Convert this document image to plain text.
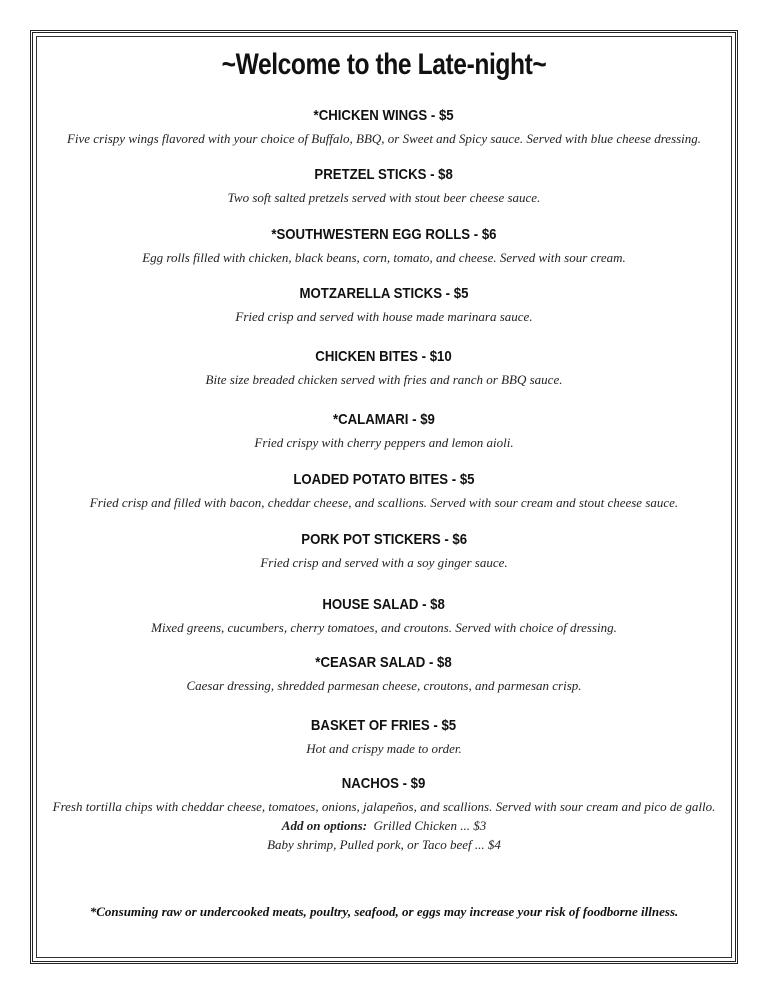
~Welcome to the Late-night~
*CHICKEN WINGS - $5
Five crispy wings flavored with your choice of Buffalo, BBQ, or Sweet and Spicy sauce. Served with blue cheese dressing.
PRETZEL STICKS - $8
Two soft salted pretzels served with stout beer cheese sauce.
*SOUTHWESTERN EGG ROLLS - $6
Egg rolls filled with chicken, black beans, corn, tomato, and cheese. Served with sour cream.
MOTZARELLA STICKS - $5
Fried crisp and served with house made marinara sauce.
CHICKEN BITES - $10
Bite size breaded chicken served with fries and ranch or BBQ sauce.
*CALAMARI - $9
Fried crispy with cherry peppers and lemon aioli.
LOADED POTATO BITES - $5
Fried crisp and filled with bacon, cheddar cheese, and scallions. Served with sour cream and stout cheese sauce.
PORK POT STICKERS - $6
Fried crisp and served with a soy ginger sauce.
HOUSE SALAD - $8
Mixed greens, cucumbers, cherry tomatoes, and croutons. Served with choice of dressing.
*CEASAR SALAD - $8
Caesar dressing, shredded parmesan cheese, croutons, and parmesan crisp.
BASKET OF FRIES - $5
Hot and crispy made to order.
NACHOS - $9
Fresh tortilla chips with cheddar cheese, tomatoes, onions, jalapeños, and scallions. Served with sour cream and pico de gallo.
Add on options: Grilled Chicken ... $3
Baby shrimp, Pulled pork, or Taco beef ... $4
*Consuming raw or undercooked meats, poultry, seafood, or eggs may increase your risk of foodborne illness.
